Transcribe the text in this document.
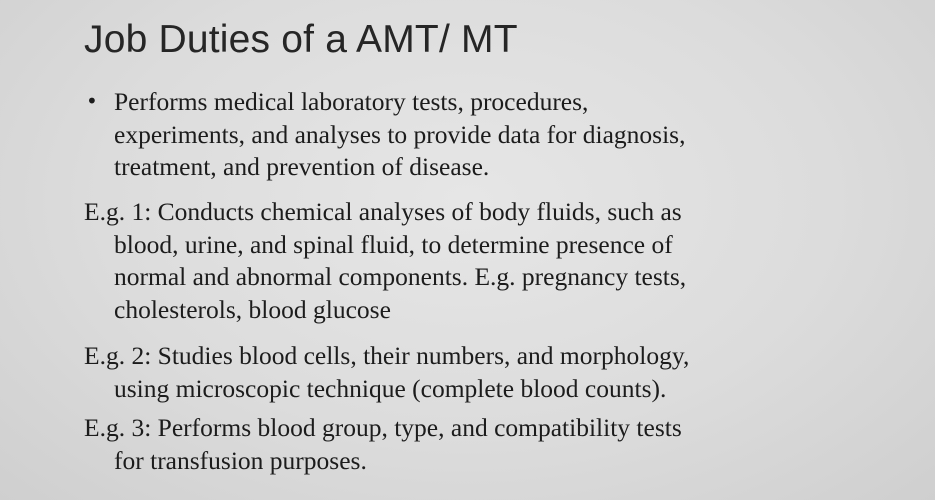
Job Duties of a AMT/ MT
• Performs medical laboratory tests, procedures,
experiments, and analyses to provide data for diagnosis,
treatment, and prevention of disease.
E.g. 1: Conducts chemical analyses of body fluids, such as
blood, urine, and spinal fluid, to determine presence of
normal and abnormal components. E.g. pregnancy tests,
cholesterols, blood glucose
E.g. 2: Studies blood cells, their numbers, and morphology,
using microscopic technique (complete blood counts).
E.g. 3: Performs blood group, type, and compatibility tests
for transfusion purposes.
